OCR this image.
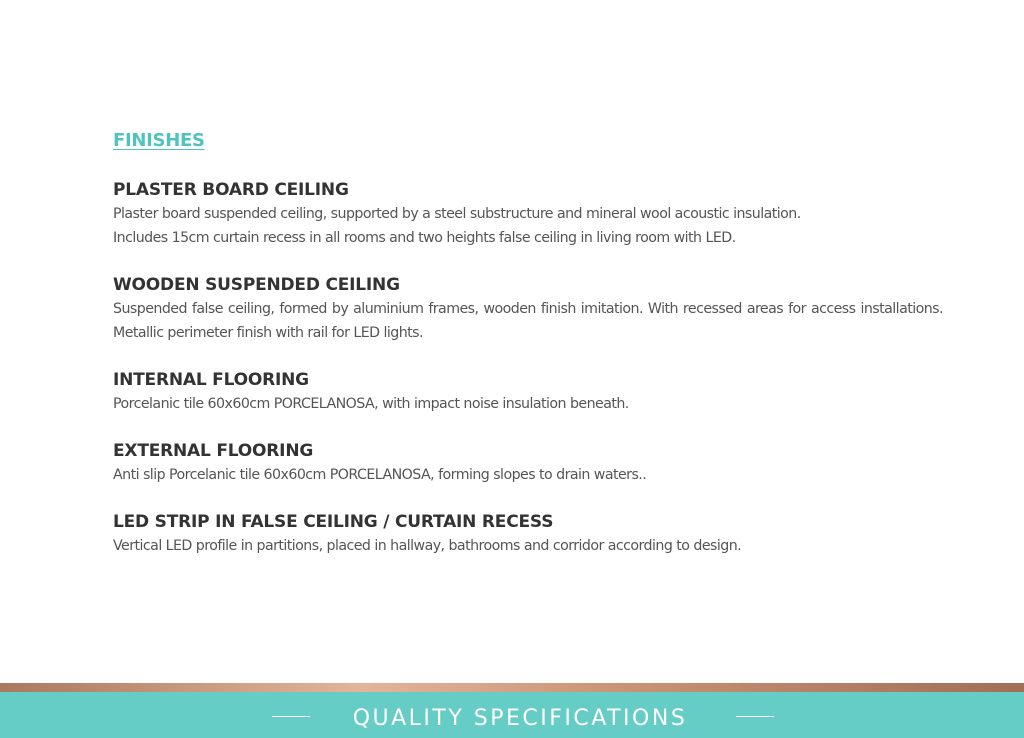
FINISHES

PLASTER BOARD CEILING

Plaster board suspended ceiling, supported by a steel substructure and mineral wool acoustic insulation.

Includes 15cm curtain recess in all rooms and two heights false ceiling in living room with LED.

WOODEN SUSPENDED CEILING

Suspended false ceiling, formed by aluminium frames, wooden finish imitation. With recessed areas for access installations.

Metallic perimeter finish with rail for LED lights.

INTERNAL FLOORING

Porcelanic tile 60x60cm PORCELANOSA, with impact noise insulation beneath.

EXTERNAL FLOORING

Anti slip Porcelanic tile 60x60cm PORCELANOSA, forming slopes to drain waters..

LED STRIP IN FALSE CEILING / CURTAIN RECESS

Vertical LED profile in partitions, placed in hallway, bathrooms and corridor according to design.

QUALITY SPECIFICATIONS
